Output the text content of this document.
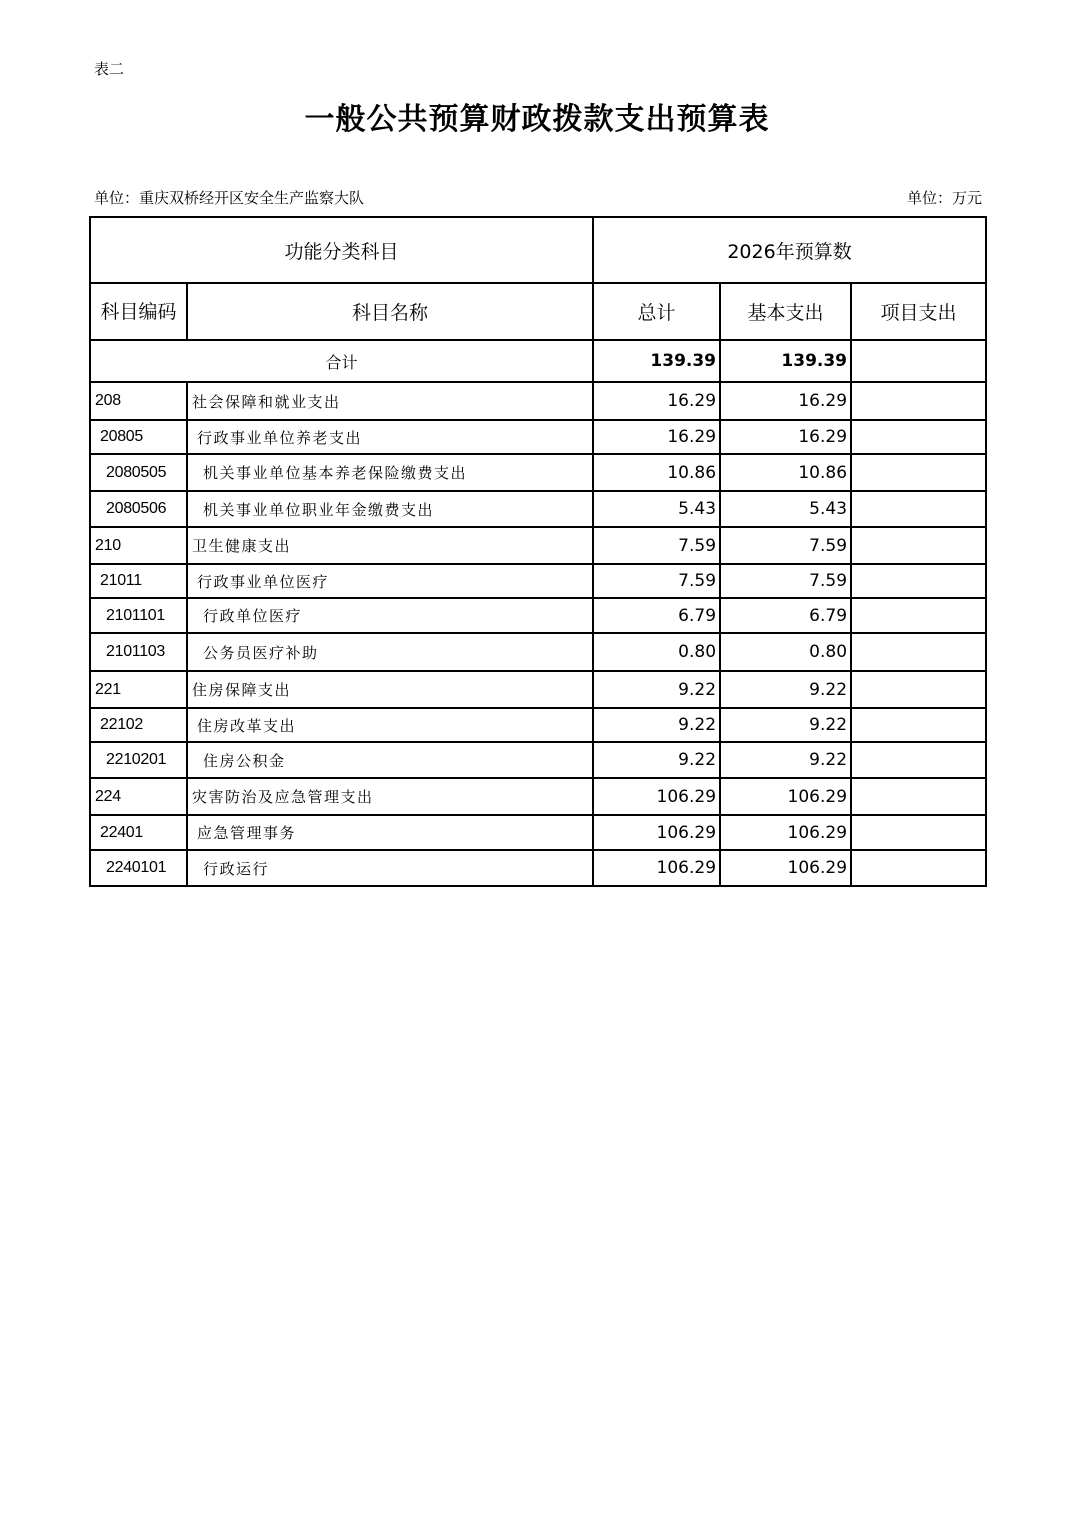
表二
一般公共预算财政拨款支出预算表
单位：重庆双桥经开区安全生产监察大队	单位：万元
功能分类科目		2026年预算数		
科目编码	科目名称	总计	基本支出	项目支出
合计		139.39	139.39	
208	社会保障和就业支出	16.29	16.29	
20805	行政事业单位养老支出	16.29	16.29	
2080505	机关事业单位基本养老保险缴费支出	10.86	10.86	
2080506	机关事业单位职业年金缴费支出	5.43	5.43	
210	卫生健康支出	7.59	7.59	
21011	行政事业单位医疗	7.59	7.59	
2101101	行政单位医疗	6.79	6.79	
2101103	公务员医疗补助	0.80	0.80	
221	住房保障支出	9.22	9.22	
22102	住房改革支出	9.22	9.22	
2210201	住房公积金	9.22	9.22	
224	灾害防治及应急管理支出	106.29	106.29	
22401	应急管理事务	106.29	106.29	
2240101	行政运行	106.29	106.29	
